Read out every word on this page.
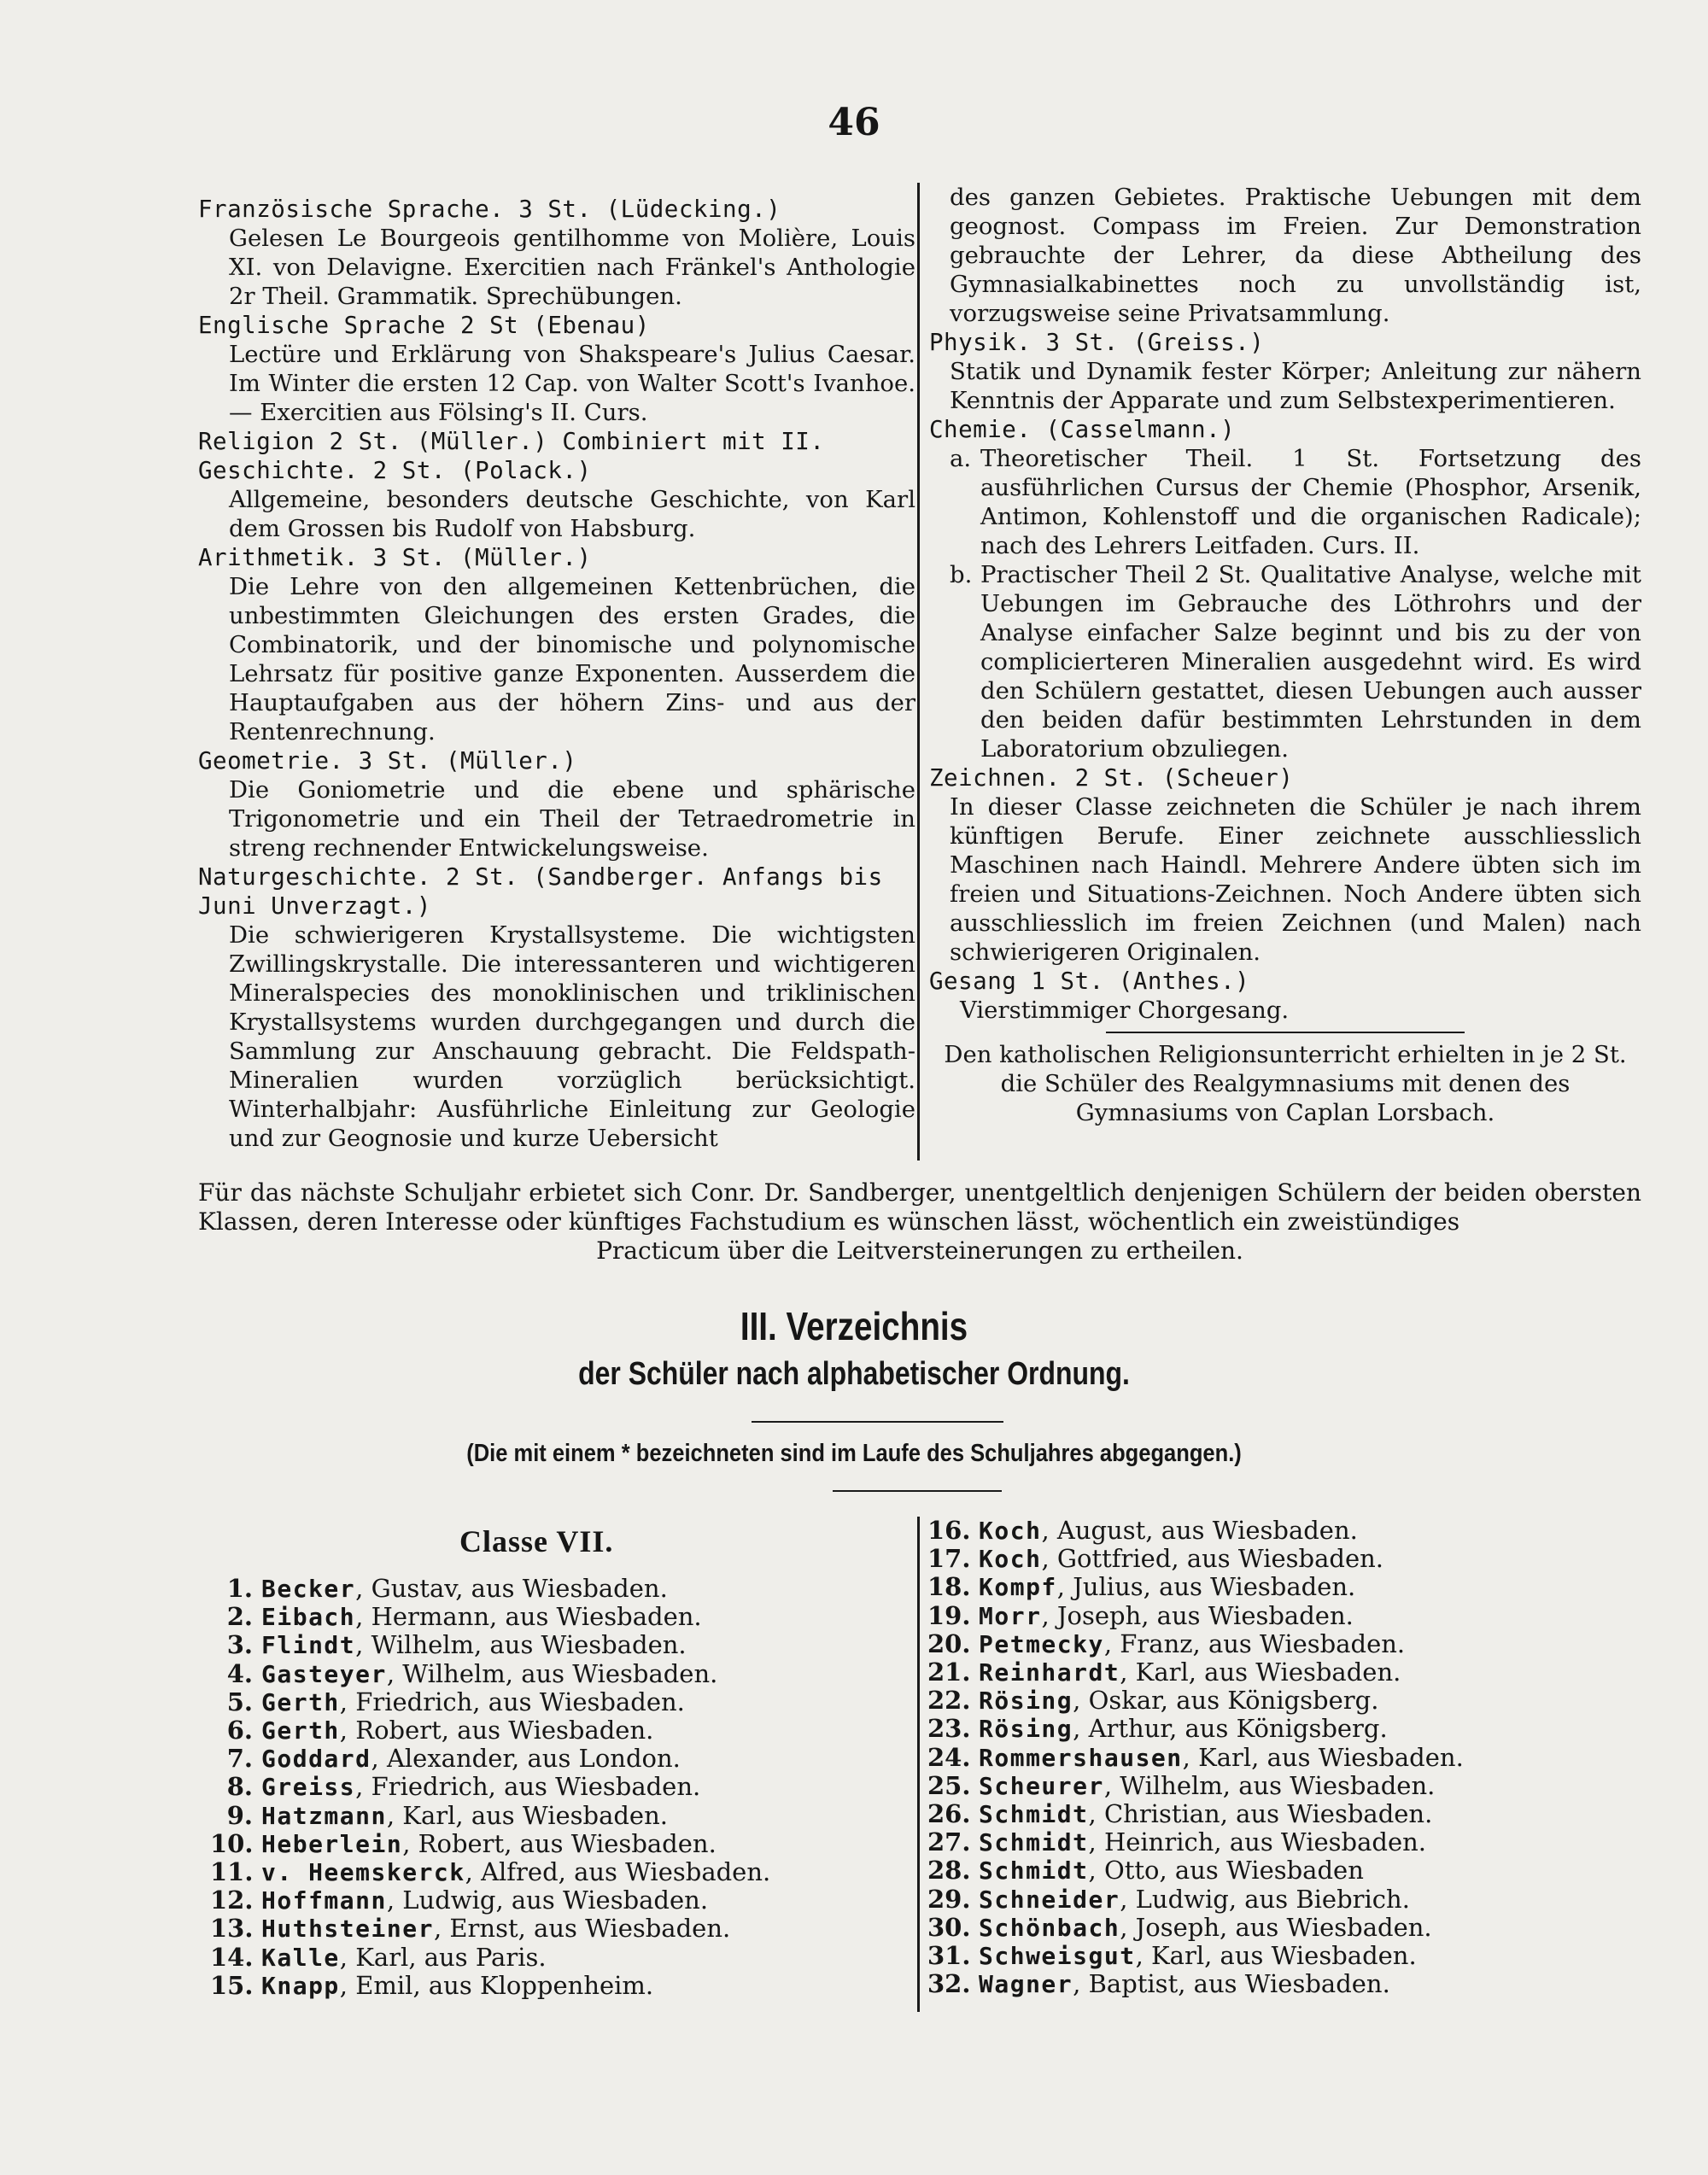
46
Französische Sprache. 3 St. (Lüdecking.)
Gelesen Le Bourgeois gentilhomme von Molière, Louis XI. von Delavigne. Exercitien nach Fränkel's Anthologie 2r Theil. Grammatik. Sprechübungen.
Englische Sprache 2 St (Ebenau)
Lectüre und Erklärung von Shakspeare's Julius Caesar. Im Winter die ersten 12 Cap. von Walter Scott's Ivanhoe. — Exercitien aus Fölsing's II. Curs.
Religion 2 St. (Müller.) Combiniert mit II.
Geschichte. 2 St. (Polack.)
Allgemeine, besonders deutsche Geschichte, von Karl dem Grossen bis Rudolf von Habsburg.
Arithmetik. 3 St. (Müller.)
Die Lehre von den allgemeinen Kettenbrüchen, die unbestimmten Gleichungen des ersten Grades, die Combinatorik, und der binomische und polynomische Lehrsatz für positive ganze Exponenten. Ausserdem die Hauptaufgaben aus der höhern Zins- und aus der Rentenrechnung.
Geometrie. 3 St. (Müller.)
Die Goniometrie und die ebene und sphärische Trigonometrie und ein Theil der Tetraedrometrie in streng rechnender Entwickelungsweise.
Naturgeschichte. 2 St. (Sandberger. Anfangs bis Juni Unverzagt.)
Die schwierigeren Krystallsysteme. Die wichtigsten Zwillingskrystalle. Die interessanteren und wichtigeren Mineralspecies des monoklinischen und triklinischen Krystallsystems wurden durchgegangen und durch die Sammlung zur Anschauung gebracht. Die Feldspath-Mineralien wurden vorzüglich berücksichtigt. Winterhalbjahr: Ausführliche Einleitung zur Geologie und zur Geognosie und kurze Uebersicht
des ganzen Gebietes. Praktische Uebungen mit dem geognost. Compass im Freien. Zur Demonstration gebrauchte der Lehrer, da diese Abtheilung des Gymnasialkabinettes noch zu unvollständig ist, vorzugsweise seine Privatsammlung.
Physik. 3 St. (Greiss.)
Statik und Dynamik fester Körper; Anleitung zur nähern Kenntnis der Apparate und zum Selbstexperimentieren.
Chemie. (Casselmann.)
a. Theoretischer Theil. 1 St. Fortsetzung des ausführlichen Cursus der Chemie (Phosphor, Arsenik, Antimon, Kohlenstoff und die organischen Radicale); nach des Lehrers Leitfaden. Curs. II.
b. Practischer Theil 2 St. Qualitative Analyse, welche mit Uebungen im Gebrauche des Löthrohrs und der Analyse einfacher Salze beginnt und bis zu der von complicierteren Mineralien ausgedehnt wird. Es wird den Schülern gestattet, diesen Uebungen auch ausser den beiden dafür bestimmten Lehrstunden in dem Laboratorium obzuliegen.
Zeichnen. 2 St. (Scheuer)
In dieser Classe zeichneten die Schüler je nach ihrem künftigen Berufe. Einer zeichnete ausschliesslich Maschinen nach Haindl. Mehrere Andere übten sich im freien und Situations-Zeichnen. Noch Andere übten sich ausschliesslich im freien Zeichnen (und Malen) nach schwierigeren Originalen.
Gesang 1 St. (Anthes.)
Vierstimmiger Chorgesang.
Den katholischen Religionsunterricht erhielten in je 2 St. die Schüler des Realgymnasiums mit denen des Gymnasiums von Caplan Lorsbach.
Für das nächste Schuljahr erbietet sich Conr. Dr. Sandberger, unentgeltlich denjenigen Schülern der beiden obersten Klassen, deren Interesse oder künftiges Fachstudium es wünschen lässt, wöchentlich ein zweistündiges
Practicum über die Leitversteinerungen zu ertheilen.
III. Verzeichnis
der Schüler nach alphabetischer Ordnung.
(Die mit einem * bezeichneten sind im Laufe des Schuljahres abgegangen.)
Classe VII.
1. Becker, Gustav, aus Wiesbaden.
2. Eibach, Hermann, aus Wiesbaden.
3. Flindt, Wilhelm, aus Wiesbaden.
4. Gasteyer, Wilhelm, aus Wiesbaden.
5. Gerth, Friedrich, aus Wiesbaden.
6. Gerth, Robert, aus Wiesbaden.
7. Goddard, Alexander, aus London.
8. Greiss, Friedrich, aus Wiesbaden.
9. Hatzmann, Karl, aus Wiesbaden.
10. Heberlein, Robert, aus Wiesbaden.
11. v. Heemskerck, Alfred, aus Wiesbaden.
12. Hoffmann, Ludwig, aus Wiesbaden.
13. Huthsteiner, Ernst, aus Wiesbaden.
14. Kalle, Karl, aus Paris.
15. Knapp, Emil, aus Kloppenheim.
16. Koch, August, aus Wiesbaden.
17. Koch, Gottfried, aus Wiesbaden.
18. Kompf, Julius, aus Wiesbaden.
19. Morr, Joseph, aus Wiesbaden.
20. Petmecky, Franz, aus Wiesbaden.
21. Reinhardt, Karl, aus Wiesbaden.
22. Rösing, Oskar, aus Königsberg.
23. Rösing, Arthur, aus Königsberg.
24. Rommershausen, Karl, aus Wiesbaden.
25. Scheurer, Wilhelm, aus Wiesbaden.
26. Schmidt, Christian, aus Wiesbaden.
27. Schmidt, Heinrich, aus Wiesbaden.
28. Schmidt, Otto, aus Wiesbaden
29. Schneider, Ludwig, aus Biebrich.
30. Schönbach, Joseph, aus Wiesbaden.
31. Schweisgut, Karl, aus Wiesbaden.
32. Wagner, Baptist, aus Wiesbaden.
